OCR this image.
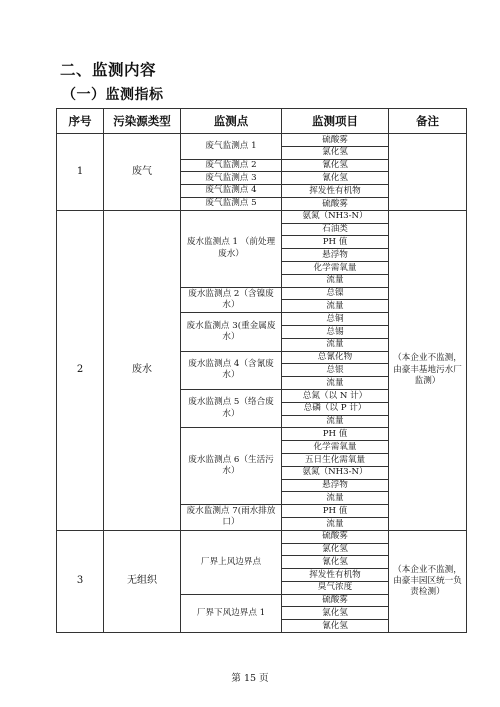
二、监测内容
（一）监测指标
序号	污染源类型	监测点	监测项目	备注
1	废气	废气监测点 1	硫酸雾	
			氯化氢	
		废气监测点 2	氰化氢	
		废气监测点 3	氰化氢	
		废气监测点 4	挥发性有机物	
		废气监测点 5	硫酸雾	
2	废水	废水监测点 1 （前处理废水）	氨氮（NH3-N）	（本企业不监测，由豪丰基地污水厂监测）
			石油类	
			PH 值	
			悬浮物	
			化学需氧量	
			流量	
		废水监测点 2（含镍废水）	总镍	
			流量	
		废水监测点 3(重金属废水）	总铜	
			总锡	
			流量	
		废水监测点 4（含氰废水）	总氰化物	
			总银	
			流量	
		废水监测点 5（络合废水）	总氮（以 N 计）	
			总磷（以 P 计）	
			流量	
		废水监测点 6（生活污水）	PH 值	
			化学需氧量	
			五日生化需氧量	
			氨氮（NH3-N）	
			悬浮物	
			流量	
		废水监测点 7(雨水排放口）	PH 值	
			流量	
3	无组织	厂界上风边界点	硫酸雾	（本企业不监测，由豪丰园区统一负责检测）
			氯化氢	
			氰化氢	
			挥发性有机物	
			臭气浓度	
		厂界下风边界点 1	硫酸雾	
			氯化氢	
			氰化氢	
第 15 页
